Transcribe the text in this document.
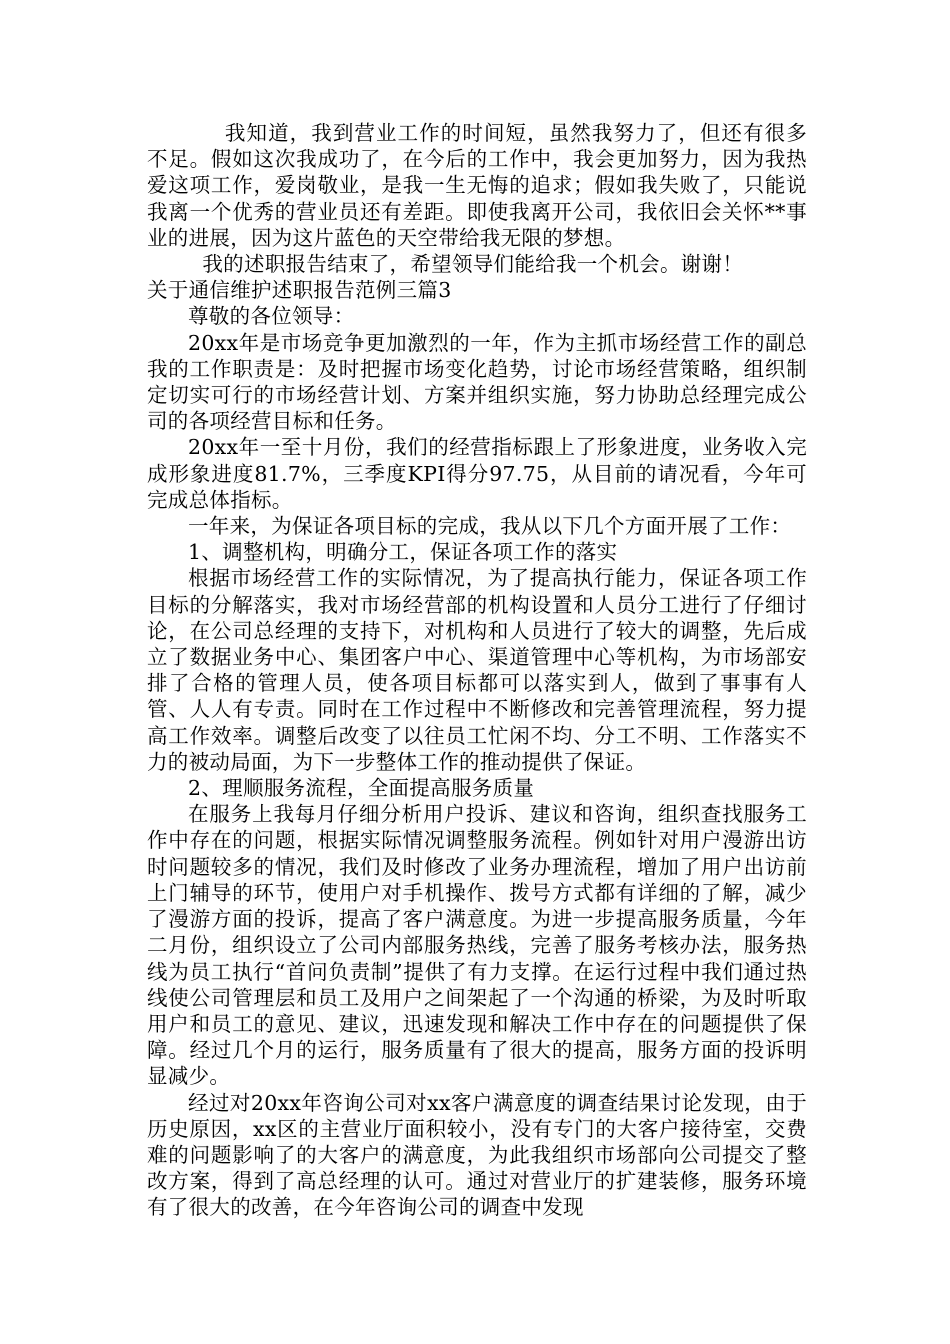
我知道，我到营业工作的时间短，虽然我努力了，但还有很多不足。假如这次我成功了，在今后的工作中，我会更加努力，因为我热爱这项工作，爱岗敬业，是我一生无悔的追求；假如我失败了，只能说我离一个优秀的营业员还有差距。即使我离开公司，我依旧会关怀**事业的进展，因为这片蓝色的天空带给我无限的梦想。

我的述职报告结束了，希望领导们能给我一个机会。谢谢！

关于通信维护述职报告范例三篇3

尊敬的各位领导：

20xx年是市场竞争更加激烈的一年，作为主抓市场经营工作的副总我的工作职责是：及时把握市场变化趋势，讨论市场经营策略，组织制定切实可行的市场经营计划、方案并组织实施，努力协助总经理完成公司的各项经营目标和任务。

20xx年一至十月份，我们的经营指标跟上了形象进度，业务收入完成形象进度81.7%，三季度KPI得分97.75，从目前的请况看，今年可完成总体指标。

一年来，为保证各项目标的完成，我从以下几个方面开展了工作：

1、调整机构，明确分工，保证各项工作的落实

根据市场经营工作的实际情况，为了提高执行能力，保证各项工作目标的分解落实，我对市场经营部的机构设置和人员分工进行了仔细讨论，在公司总经理的支持下，对机构和人员进行了较大的调整，先后成立了数据业务中心、集团客户中心、渠道管理中心等机构，为市场部安排了合格的管理人员，使各项目标都可以落实到人，做到了事事有人管、人人有专责。同时在工作过程中不断修改和完善管理流程，努力提高工作效率。调整后改变了以往员工忙闲不均、分工不明、工作落实不力的被动局面，为下一步整体工作的推动提供了保证。

2、理顺服务流程，全面提高服务质量

在服务上我每月仔细分析用户投诉、建议和咨询，组织查找服务工作中存在的问题，根据实际情况调整服务流程。例如针对用户漫游出访时问题较多的情况，我们及时修改了业务办理流程，增加了用户出访前上门辅导的环节，使用户对手机操作、拨号方式都有详细的了解，减少了漫游方面的投诉，提高了客户满意度。为进一步提高服务质量，今年二月份，组织设立了公司内部服务热线，完善了服务考核办法，服务热线为员工执行“首问负责制”提供了有力支撑。在运行过程中我们通过热线使公司管理层和员工及用户之间架起了一个沟通的桥梁，为及时听取用户和员工的意见、建议，迅速发现和解决工作中存在的问题提供了保障。经过几个月的运行，服务质量有了很大的提高，服务方面的投诉明显减少。

经过对20xx年咨询公司对xx客户满意度的调查结果讨论发现，由于历史原因，xx区的主营业厅面积较小，没有专门的大客户接待室，交费难的问题影响了的大客户的满意度，为此我组织市场部向公司提交了整改方案，得到了高总经理的认可。通过对营业厅的扩建装修，服务环境有了很大的改善，在今年咨询公司的调查中发现
